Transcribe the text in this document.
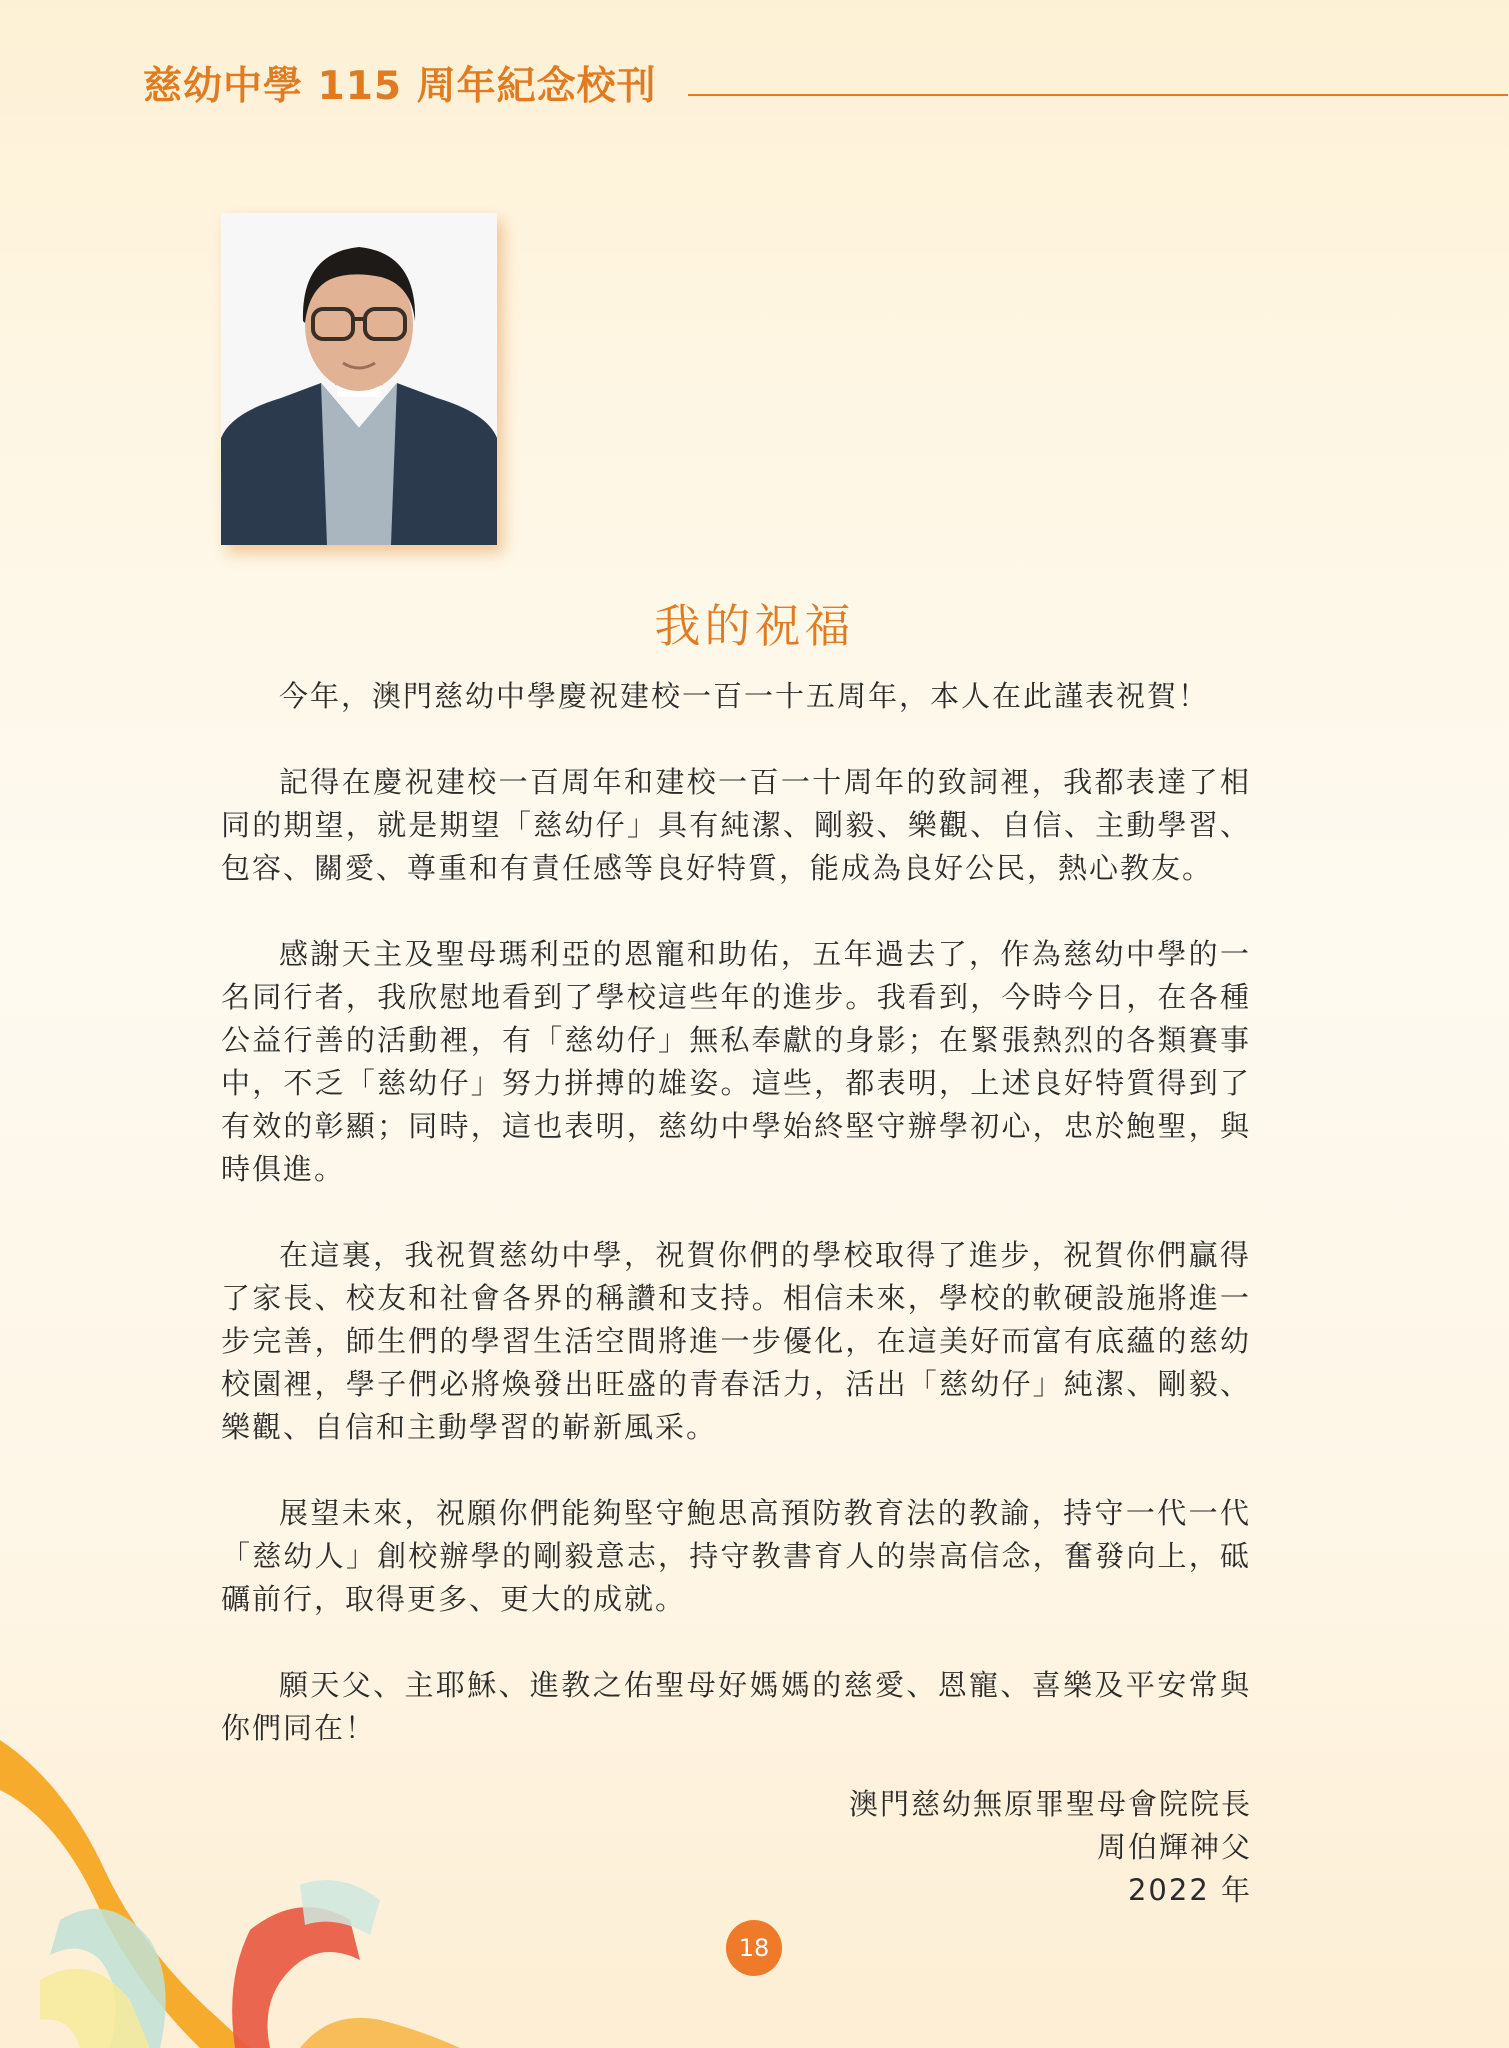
慈幼中學 115 周年紀念校刊
我的祝福

今年，澳門慈幼中學慶祝建校一百一十五周年，本人在此謹表祝賀！

記得在慶祝建校一百周年和建校一百一十周年的致詞裡，我都表達了相同的期望，就是期望「慈幼仔」具有純潔、剛毅、樂觀、自信、主動學習、包容、關愛、尊重和有責任感等良好特質，能成為良好公民，熱心教友。

感謝天主及聖母瑪利亞的恩寵和助佑，五年過去了，作為慈幼中學的一名同行者，我欣慰地看到了學校這些年的進步。我看到，今時今日，在各種公益行善的活動裡，有「慈幼仔」無私奉獻的身影；在緊張熱烈的各類賽事中，不乏「慈幼仔」努力拼搏的雄姿。這些，都表明，上述良好特質得到了有效的彰顯；同時，這也表明，慈幼中學始終堅守辦學初心，忠於鮑聖，與時俱進。

在這裏，我祝賀慈幼中學，祝賀你們的學校取得了進步，祝賀你們贏得了家長、校友和社會各界的稱讚和支持。相信未來，學校的軟硬設施將進一步完善，師生們的學習生活空間將進一步優化，在這美好而富有底蘊的慈幼校園裡，學子們必將煥發出旺盛的青春活力，活出「慈幼仔」純潔、剛毅、樂觀、自信和主動學習的嶄新風采。

展望未來，祝願你們能夠堅守鮑思高預防教育法的教諭，持守一代一代「慈幼人」創校辦學的剛毅意志，持守教書育人的崇高信念，奮發向上，砥礪前行，取得更多、更大的成就。

願天父、主耶穌、進教之佑聖母好媽媽的慈愛、恩寵、喜樂及平安常與你們同在！

澳門慈幼無原罪聖母會院院長
周伯輝神父
2022 年
18
